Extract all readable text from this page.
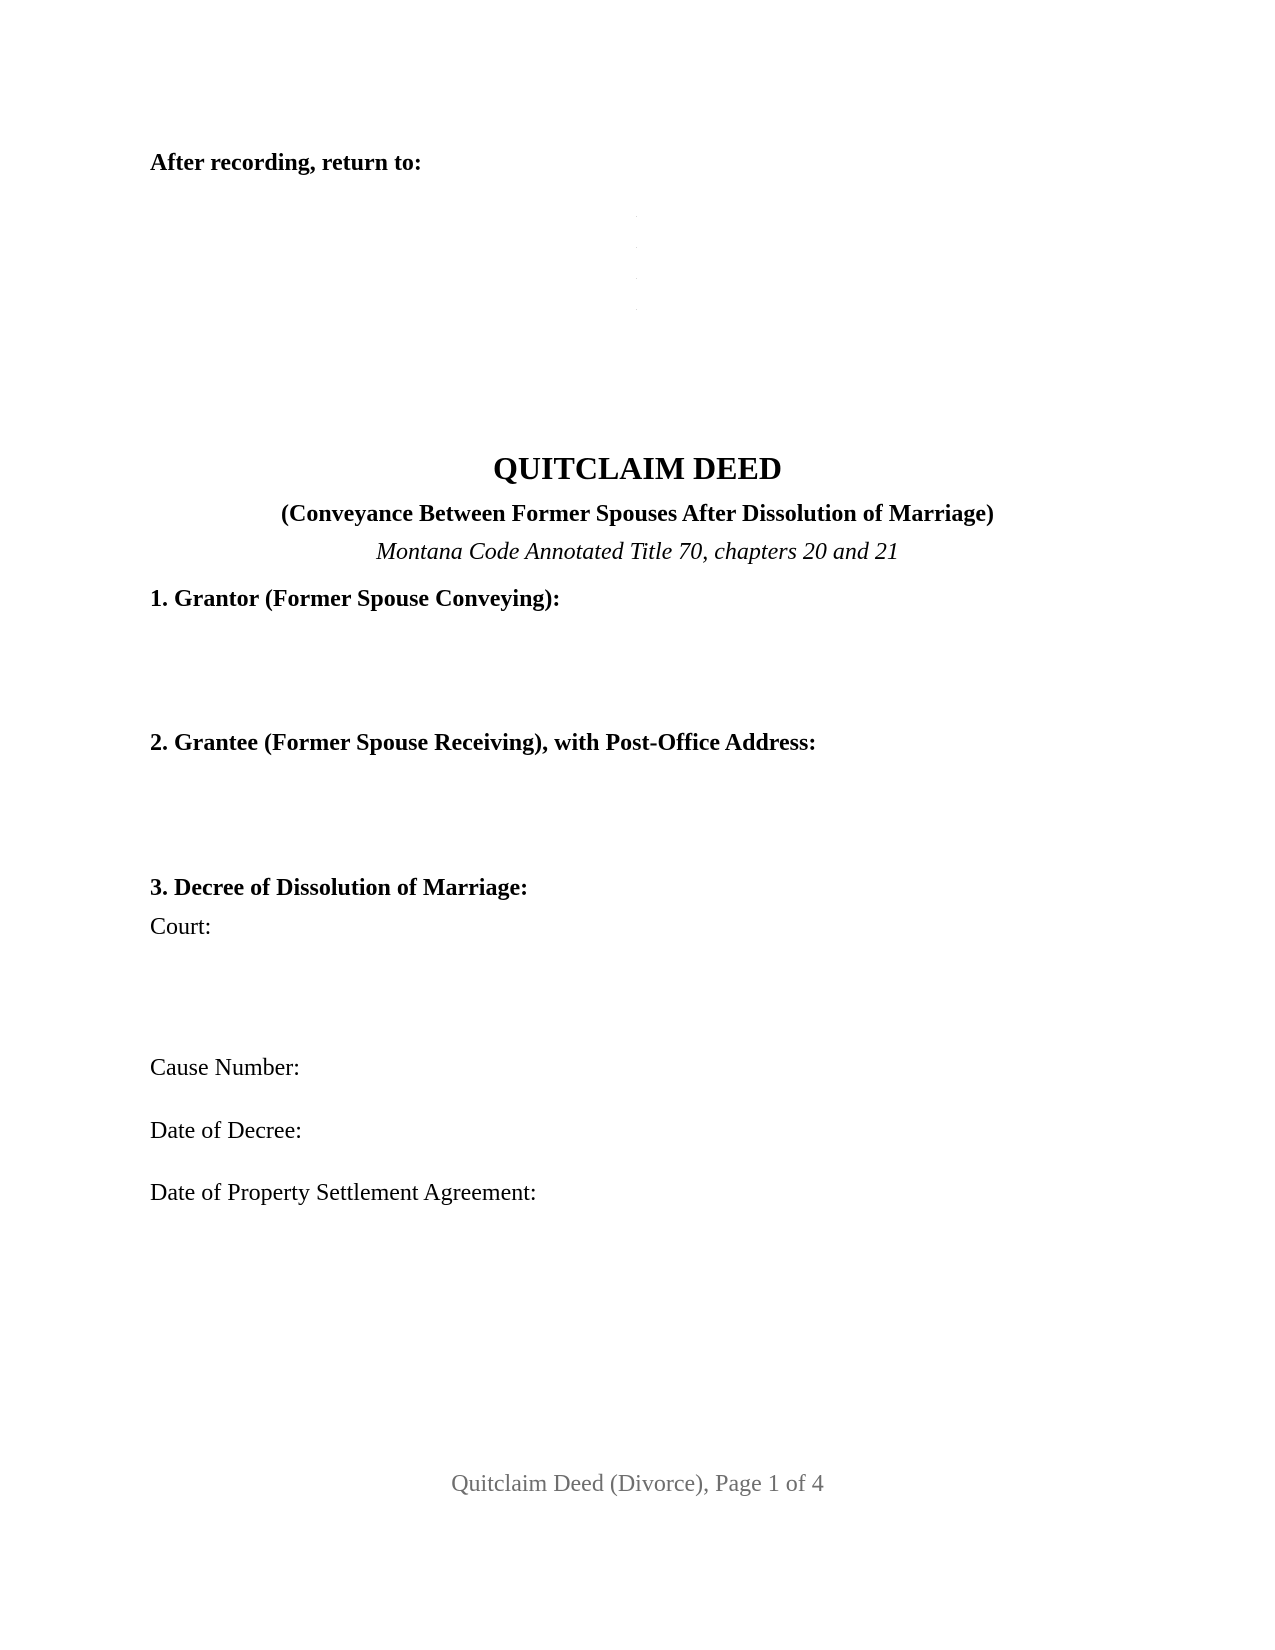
After recording, return to:
QUITCLAIM DEED
(Conveyance Between Former Spouses After Dissolution of Marriage)
Montana Code Annotated Title 70, chapters 20 and 21
1. Grantor (Former Spouse Conveying):
2. Grantee (Former Spouse Receiving), with Post-Office Address:
3. Decree of Dissolution of Marriage:
Court:
Cause Number:
Date of Decree:
Date of Property Settlement Agreement:
Quitclaim Deed (Divorce), Page 1 of 4
